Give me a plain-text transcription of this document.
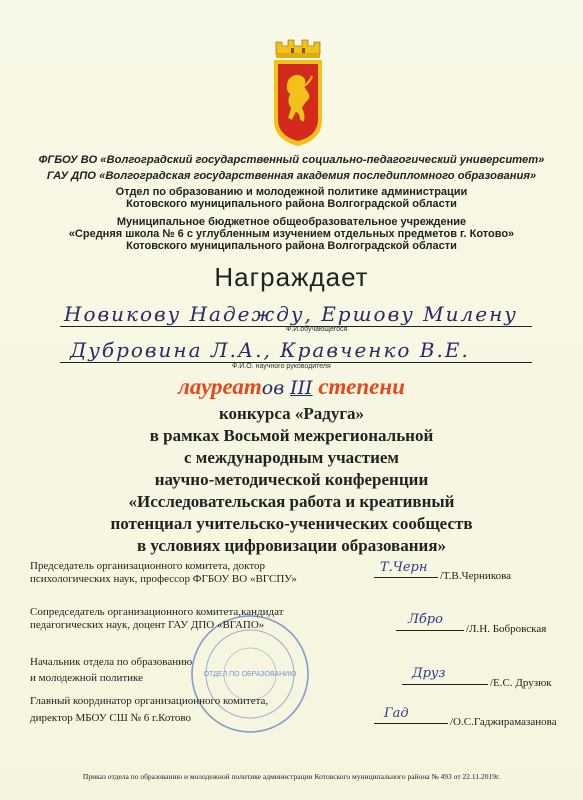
ФГБОУ ВО «Волгоградский государственный социально-педагогический университет»
ГАУ ДПО «Волгоградская государственная академия последипломного образования»
Отдел по образованию и молодежной политике администрации
Котовского муниципального района Волгоградской области
Муниципальное бюджетное общеобразовательное учреждение
«Средняя школа № 6 с углубленным изучением отдельных предметов г. Котово»
Котовского муниципального района Волгоградской области
Награждает
Новикову Надежду, Ершову Милену
Ф.И.обучающегося
Дубровина Л.А., Кравченко В.Е.
Ф.И.О. научного руководителя
лауреатов III степени
конкурса «Радуга»
в рамках Восьмой межрегиональной
с международным участием
научно-методической конференции
«Исследовательская работа и креативный
потенциал учительско-ученических сообществ
в условиях цифровизации образования»
ОТДЕЛ ПО ОБРАЗОВАНИЮ
Председатель организационного комитета, доктор
психологических наук, профессор ФГБОУ ВО «ВГСПУ»
Т.Черн
/Т.В.Черникова
Сопредседатель организационного комитета,кандидат
педагогических наук, доцент ГАУ ДПО «ВГАПО»	Лбро
/Л.Н. Бобровская
Начальник отдела по образованию
и молодежной политике	Друз
/Е.С. Друзюк
Главный координатор организационного комитета,
директор МБОУ СШ № 6 г.Котово	Гад
/О.С.Гаджирамазанова
Приказ отдела по образованию и молодежной политике администрации Котовского муниципального района № 493 от 22.11.2019г.
